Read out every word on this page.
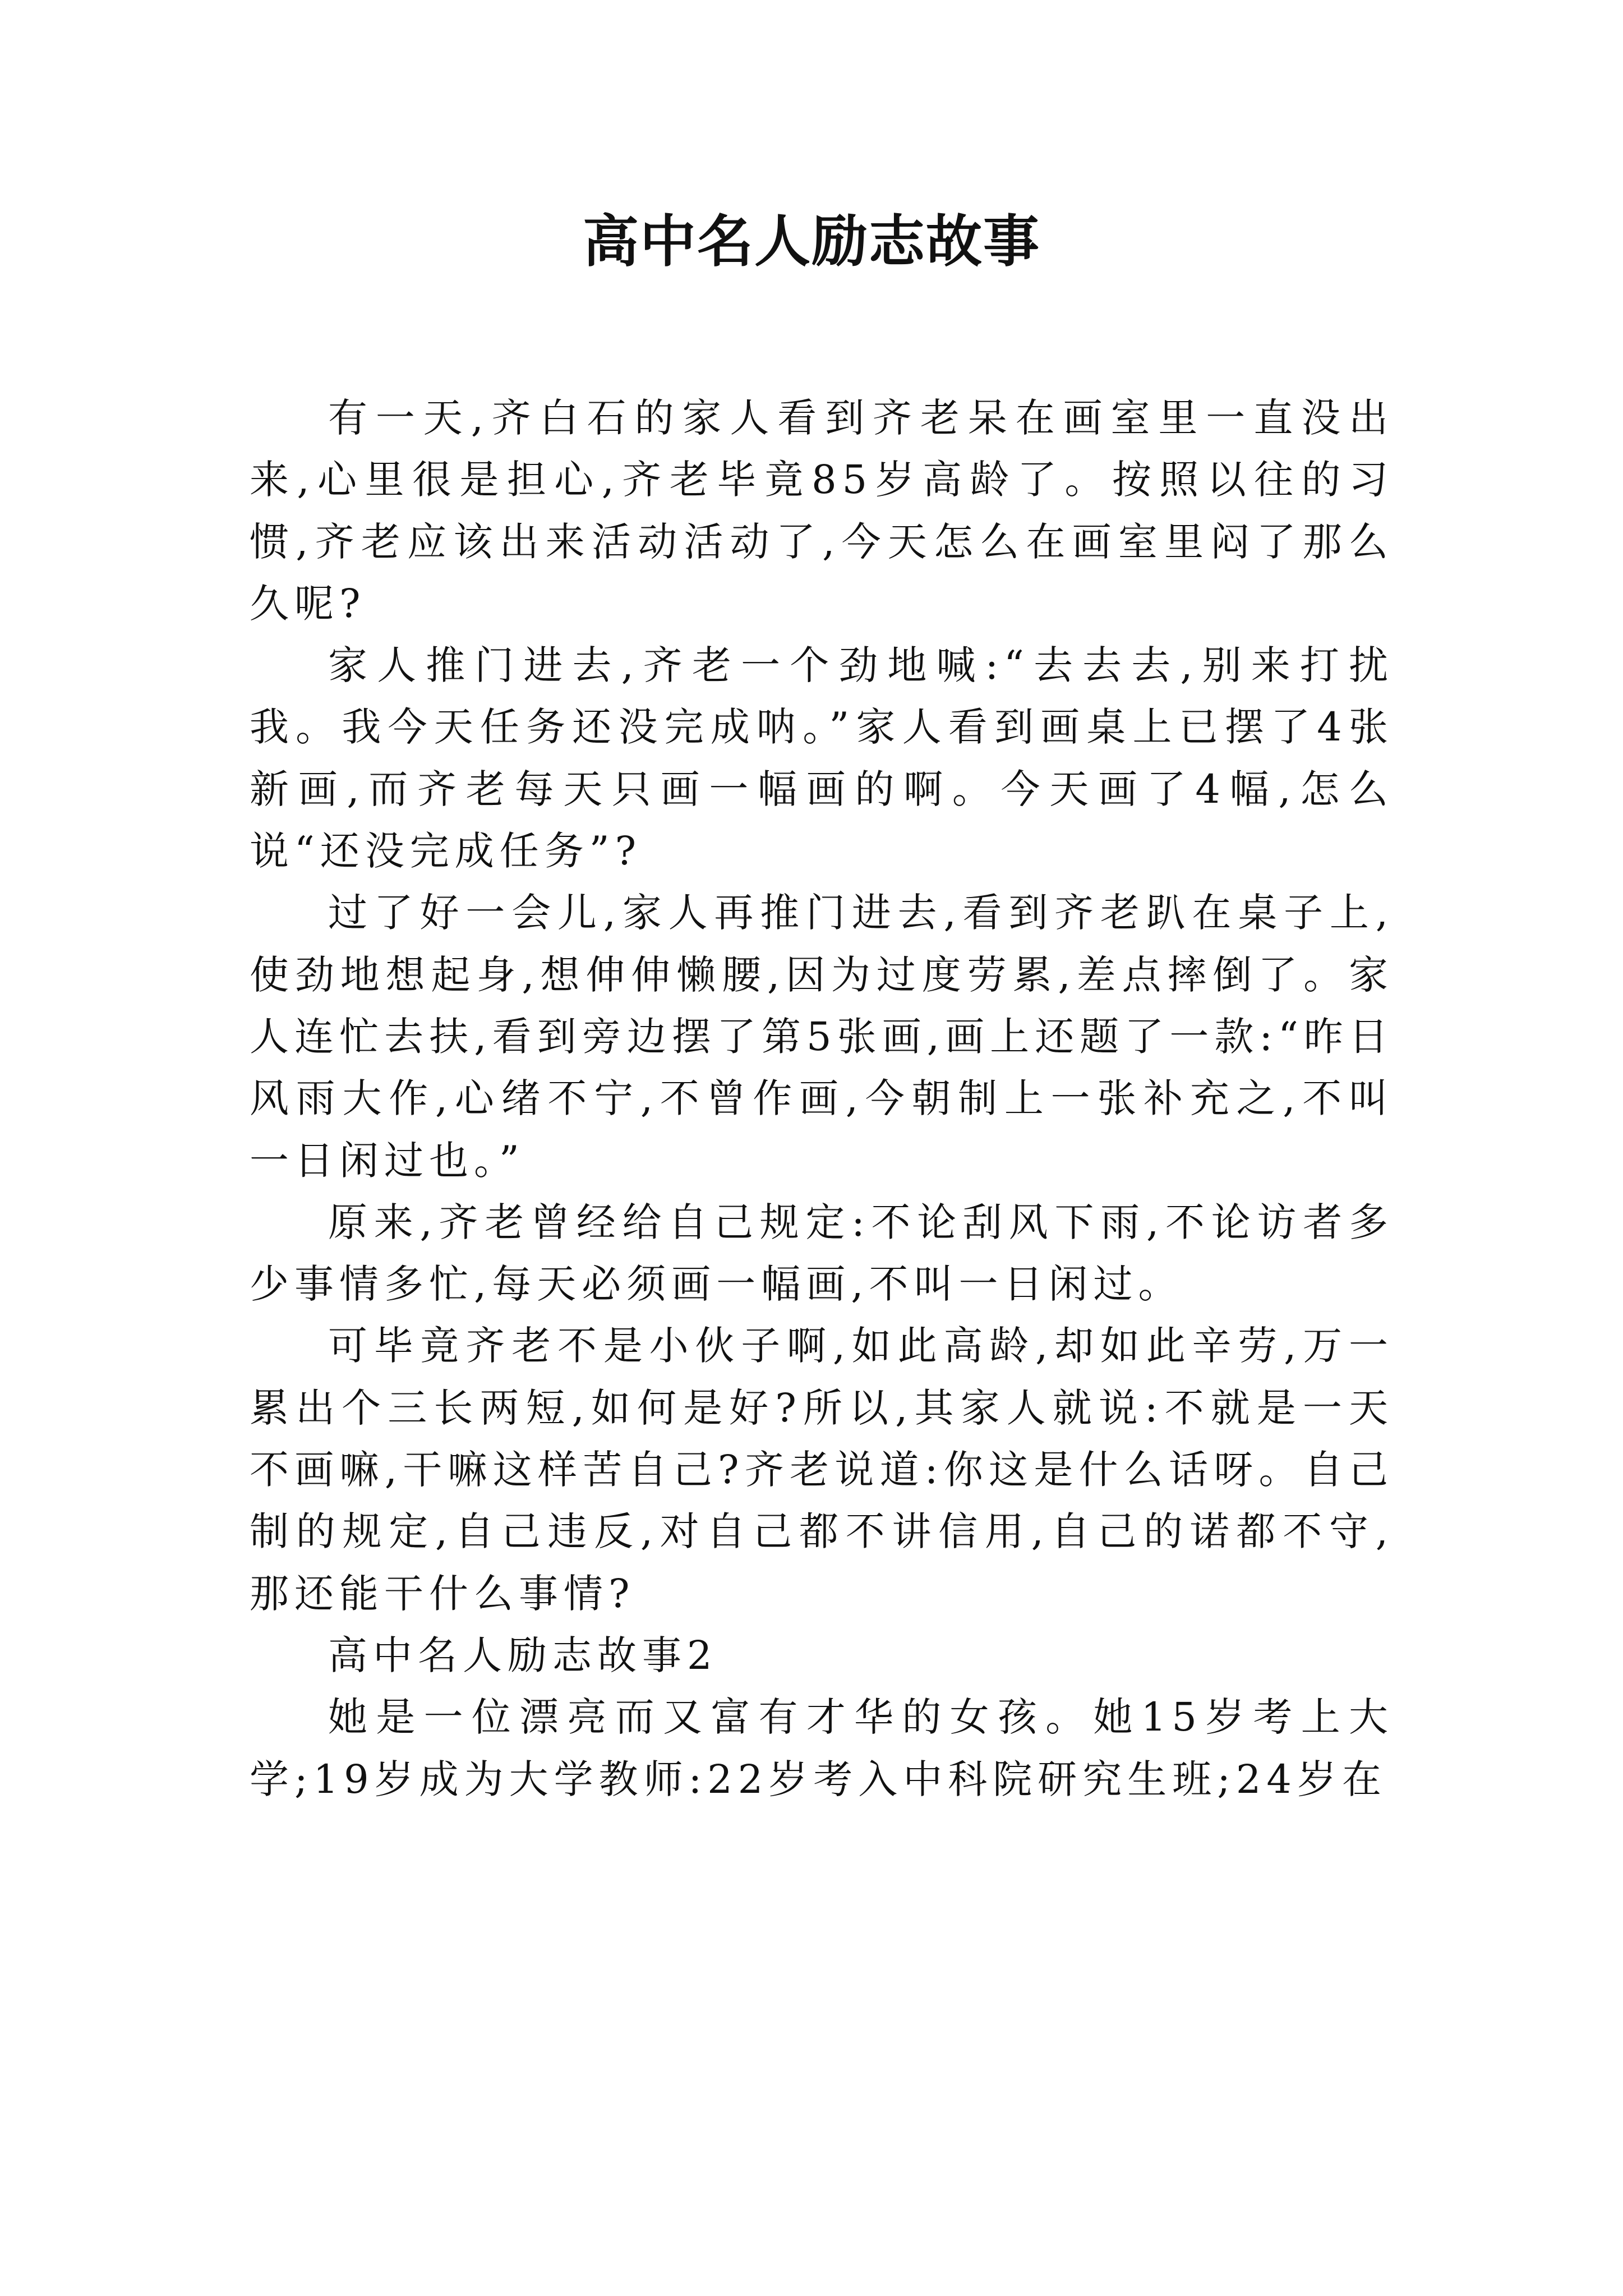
高中名人励志故事

有一天,齐白石的家人看到齐老呆在画室里一直没出来,心里很是担心,齐老毕竟85岁高龄了。按照以往的习惯,齐老应该出来活动活动了,今天怎么在画室里闷了那么久呢?

家人推门进去,齐老一个劲地喊:“去去去,别来打扰我。我今天任务还没完成呐。”家人看到画桌上已摆了4张新画,而齐老每天只画一幅画的啊。今天画了4幅,怎么说“还没完成任务”?

过了好一会儿,家人再推门进去,看到齐老趴在桌子上,使劲地想起身,想伸伸懒腰,因为过度劳累,差点摔倒了。家人连忙去扶,看到旁边摆了第5张画,画上还题了一款:“昨日风雨大作,心绪不宁,不曾作画,今朝制上一张补充之,不叫一日闲过也。”

原来,齐老曾经给自己规定:不论刮风下雨,不论访者多少事情多忙,每天必须画一幅画,不叫一日闲过。

可毕竟齐老不是小伙子啊,如此高龄,却如此辛劳,万一累出个三长两短,如何是好?所以,其家人就说:不就是一天不画嘛,干嘛这样苦自己?齐老说道:你这是什么话呀。自己制的规定,自己违反,对自己都不讲信用,自己的诺都不守,那还能干什么事情?

高中名人励志故事2

她是一位漂亮而又富有才华的女孩。她15岁考上大学;19岁成为大学教师:22岁考入中科院研究生班;24岁在
